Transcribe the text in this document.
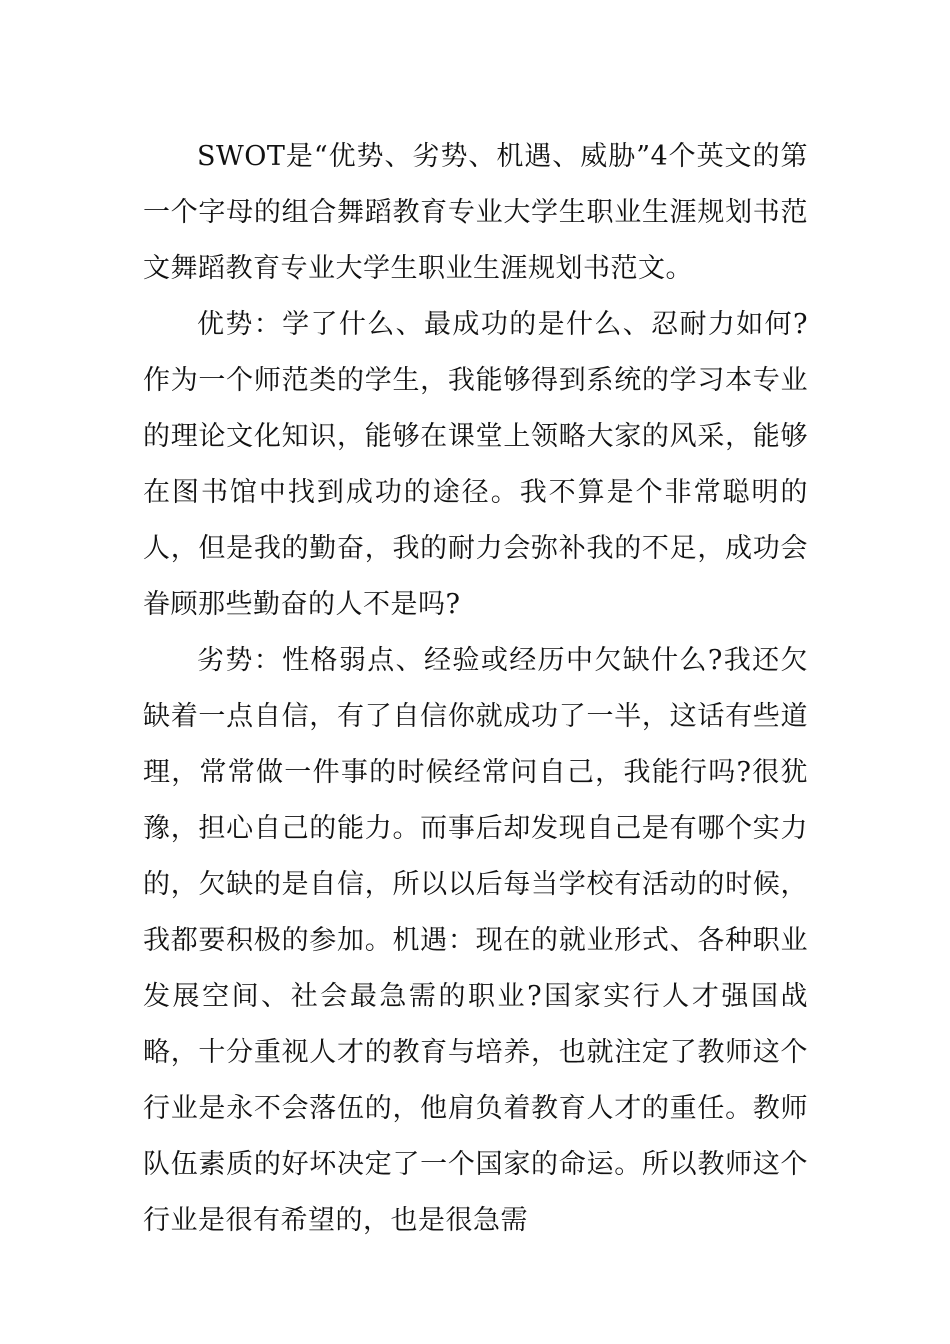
SWOT是“优势、劣势、机遇、威胁”4个英文的第一个字母的组合舞蹈教育专业大学生职业生涯规划书范文舞蹈教育专业大学生职业生涯规划书范文。

优势：学了什么、最成功的是什么、忍耐力如何?作为一个师范类的学生，我能够得到系统的学习本专业的理论文化知识，能够在课堂上领略大家的风采，能够在图书馆中找到成功的途径。我不算是个非常聪明的人，但是我的勤奋，我的耐力会弥补我的不足，成功会眷顾那些勤奋的人不是吗?

劣势：性格弱点、经验或经历中欠缺什么?我还欠缺着一点自信，有了自信你就成功了一半，这话有些道理，常常做一件事的时候经常问自己，我能行吗?很犹豫，担心自己的能力。而事后却发现自己是有哪个实力的，欠缺的是自信，所以以后每当学校有活动的时候，我都要积极的参加。机遇：现在的就业形式、各种职业发展空间、社会最急需的职业?国家实行人才强国战略，十分重视人才的教育与培养，也就注定了教师这个行业是永不会落伍的，他肩负着教育人才的重任。教师队伍素质的好坏决定了一个国家的命运。所以教师这个行业是很有希望的，也是很急需
